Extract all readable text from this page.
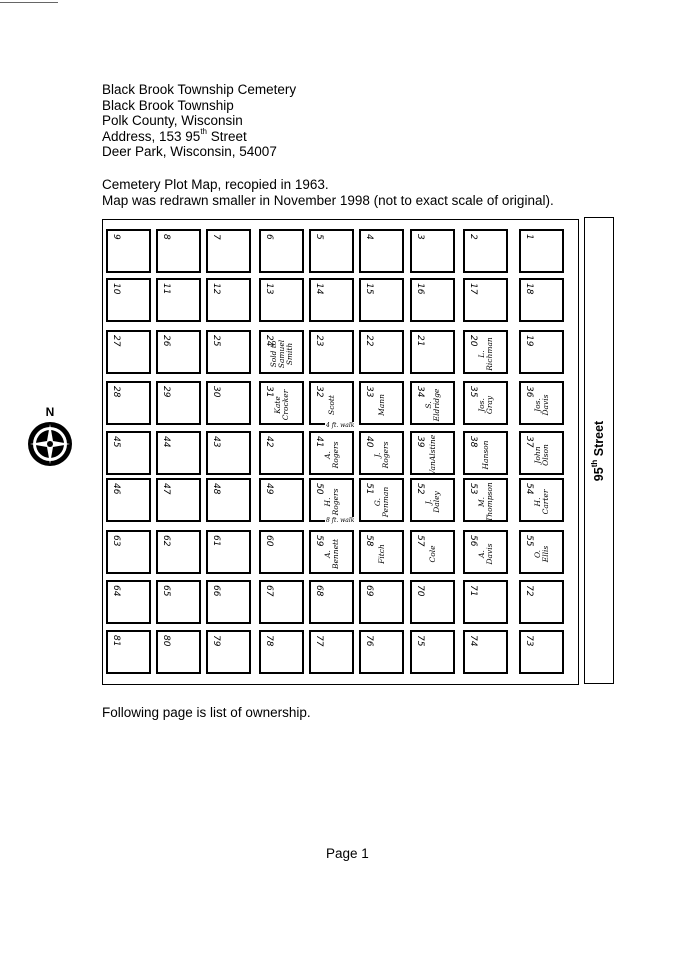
Black Brook Township Cemetery
Black Brook Township
Polk County, Wisconsin
Address, 153 95th Street
Deer Park, Wisconsin, 54007
Cemetery Plot Map, recopied in 1963.
Map was redrawn smaller in November 1998 (not to exact scale of original).
N
9	8	7	6	5	4	3	2	1
10	11	12	13	14	15	16	17	18
27	26	25	24
Sold to
Samuel
Smith
23	22	21	20
L.
Richman	19
28	29	30	31
Kate
Crocker	32
Scott
33
Mann
34
S.
Eldridge	35
Jos.
Gray
36
Jos.
Davis
45	44	43	42	41
A.
Rogers	40
J.
Rogers	39 VanAlstine	38 Hanson	37
John
Olson
46	47	48	49	50
H.
Rogers	51
G.
Penman	52
J.
Daley
53
M.
Thompson	54
H.
Carter
63	62	61	60	59
A.
Bennett	58
Fitch
57
Cole
56
A.
Davis
55
O.
Ellis
64	65	66	67	68	69	70	71	72
81	80	79	78	77	76	75	74	73
4 ft. walk
8 ft. walk
95th Street
Following page is list of ownership.
Page 1
